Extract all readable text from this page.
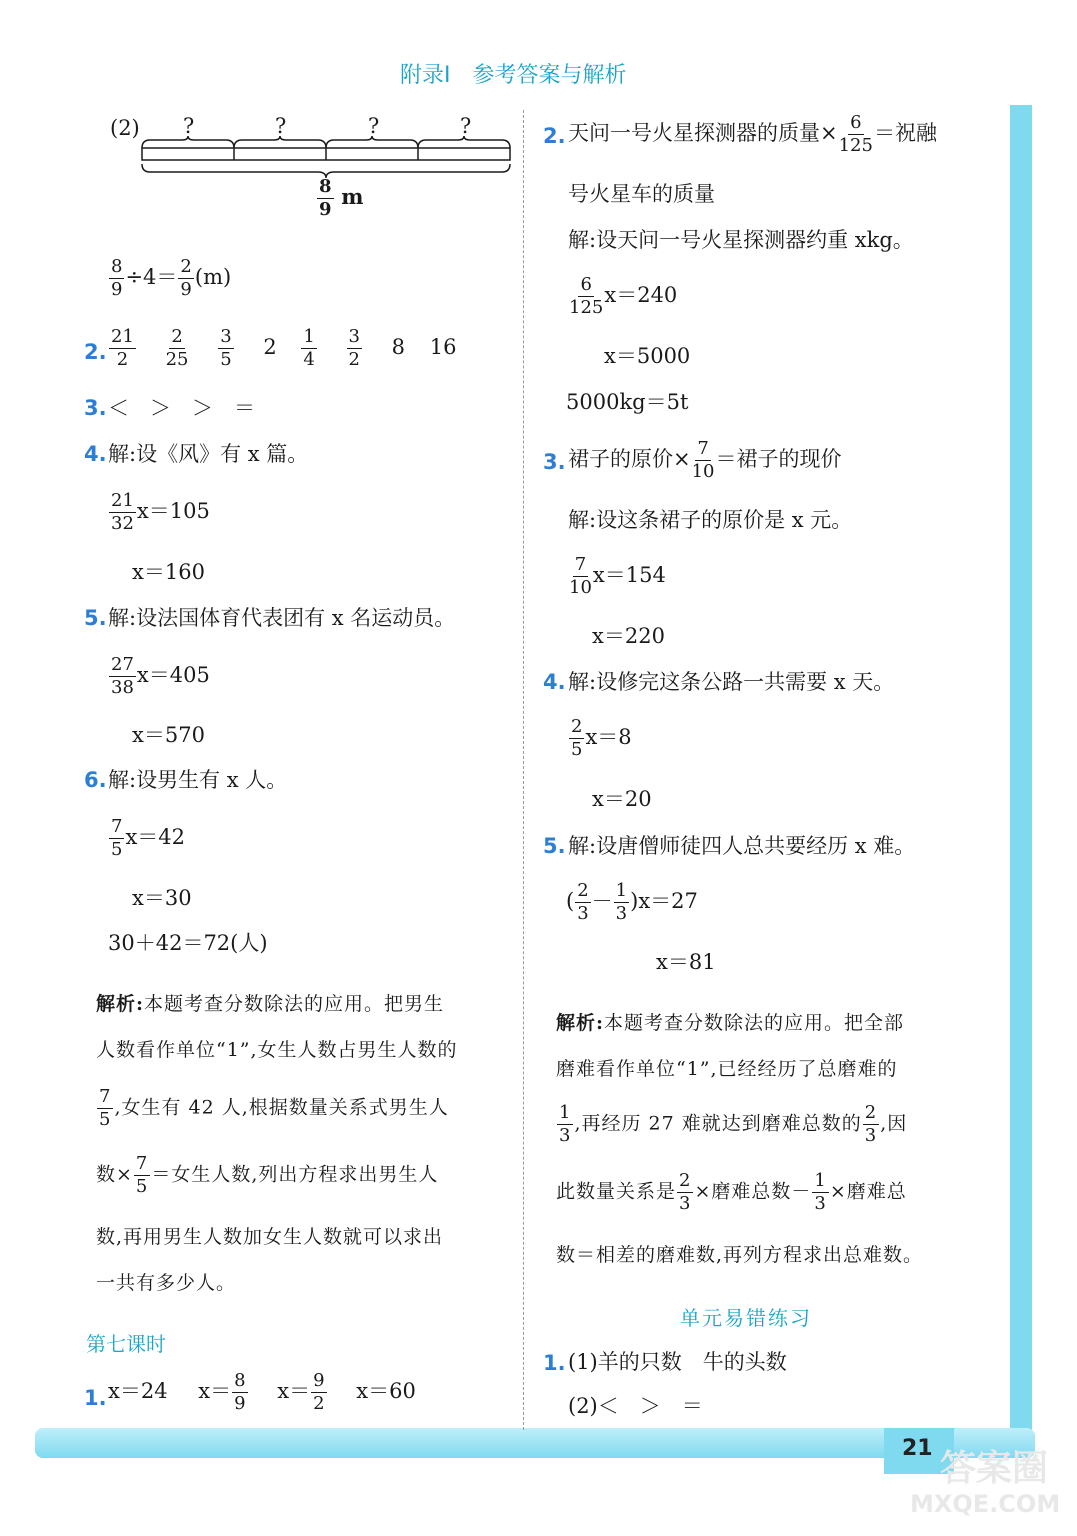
附录Ⅰ　参考答案与解析
(2) ?	?	?	?
$\frac{8}{9}$ m
$\frac{8}{9} \div 4= \frac{2}{9} (m)$
2. $\frac{21}{2}$
$\frac{2}{25}$
$\frac{3}{5} 2 \frac{1}{4}$
$\frac{3}{2} 8$ 16
3. ＜　＞　＞　＝
4. 解:设《风》有 x 篇。
$\frac{21}{32} x=105$
x＝160
5. 解:设法国体育代表团有 x 名运动员。
$\frac{27}{38} x=405$
x＝570
6. 解:设男生有 x 人。
$\frac{7}{5} x=42$
x＝30
30＋42＝72(人)
解析:本题考查分数除法的应用。把男生
人数看作单位“1”,女生人数占男生人数的
$\frac{7}{5}$ ,女生有 42 人,根据数量关系式男生人
数× $\frac{7}{5}$ ＝女生人数,列出方程求出男生人
数,再用男生人数加女生人数就可以求出
一共有多少人。
第七课时
1. x＝24 $x= \frac{8}{9} x= \frac{9}{2} x=60$
2. 天问一号火星探测器的质量× $\frac{6}{125}$ ＝祝融
号火星车的质量
解:设天问一号火星探测器约重 xkg。
$\frac{6}{125} x=240$
x＝5000
5000kg＝5t
3. 裙子的原价× $\frac{7}{10}$ ＝裙子的现价
解:设这条裙子的原价是 x 元。
$\frac{7}{10} x=154$
x＝220
4. 解:设修完这条公路一共需要 x 天。
$\frac{2}{5} x=8$
x＝20
5. 解:设唐僧师徒四人总共要经历 x 难。
( $\frac{2}{3} - \frac{1}{3} )x=27$
x＝81
解析:本题考查分数除法的应用。把全部
磨难看作单位“1”,已经经历了总磨难的
$\frac{1}{3}$ ,再经历 27 难就达到磨难总数的 $\frac{2}{3}$ ,因
此数量关系是 $\frac{2}{3}$ ×磨难总数－ $\frac{1}{3}$ ×磨难总
数＝相差的磨难数,再列方程求出总难数。
单元易错练习
1. (1)羊的只数　牛的头数
(2)＜　＞　＝
21 答案圈
MXQE.COM
